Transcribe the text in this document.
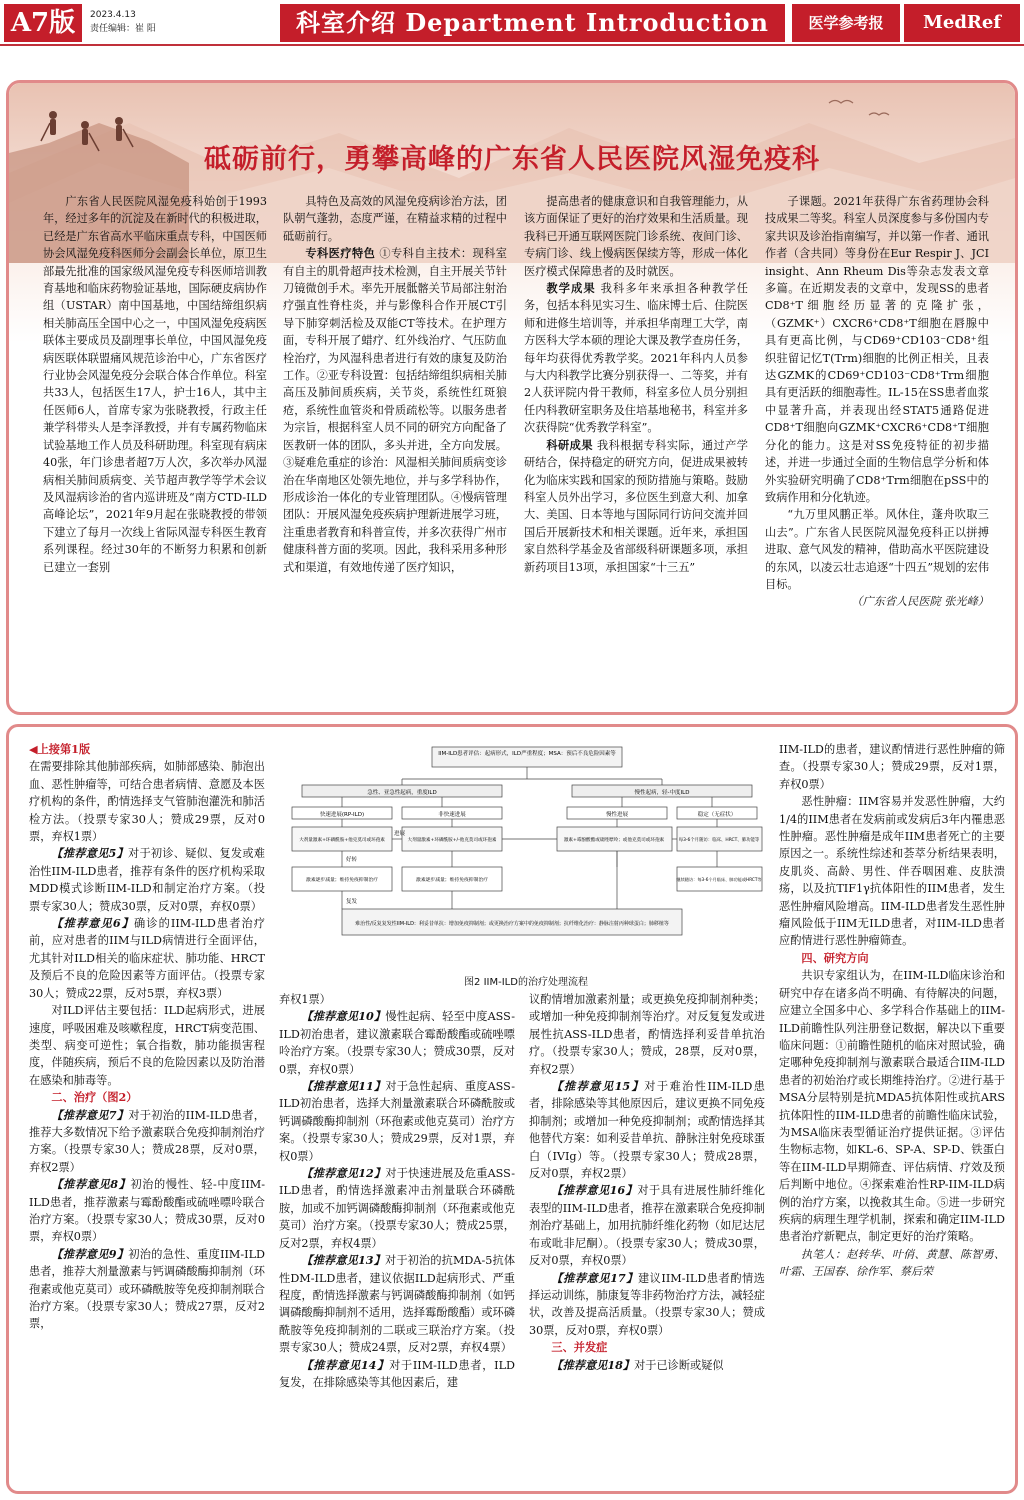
A7版	2023.4.13
责任编辑：崔 阳	科室介绍 Department Introduction	医学参考报	MedRef
砥砺前行，勇攀高峰的广东省人民医院风湿免疫科

广东省人民医院风湿免疫科始创于1993年，经过多年的沉淀及在新时代的积极进取，已经是广东省高水平临床重点专科，中国医师协会风湿免疫科医师分会副会长单位，原卫生部最先批准的国家级风湿免疫专科医师培训教育基地和临床药物验证基地，国际硬皮病协作组（USTAR）南中国基地，中国结缔组织病相关肺高压全国中心之一，中国风湿免疫病医联体主要成员及副理事长单位，中国风湿免疫病医联体联盟痛风规范诊治中心，广东省医疗行业协会风湿免疫分会联合体合作单位。科室共33人，包括医生17人，护士16人，其中主任医师6人，首席专家为张晓教授，行政主任兼学科带头人是李泽教授，并有专属药物临床试验基地工作人员及科研助理。科室现有病床40张，年门诊患者超7万人次，多次举办风湿病相关肺间质病变、关节超声教学等学术会议及风湿病诊治的省内巡讲班及“南方CTD-ILD高峰论坛”，2021年9月起在张晓教授的带领下建立了每月一次线上省际风湿专科医生教育系列课程。经过30年的不断努力积累和创新已建立一套别

具特色及高效的风湿免疫病诊治方法，团队朝气蓬勃，态度严谨，在精益求精的过程中砥砺前行。

专科医疗特色 ①专科自主技术：现科室有自主的肌骨超声技术检测，自主开展关节针刀镜微创手术。率先开展骶髂关节局部注射治疗强直性脊柱炎，并与影像科合作开展CT引导下肺穿刺活检及双能CT等技术。在护理方面，专科开展了蜡疗、红外线治疗、气压防血栓治疗，为风湿科患者进行有效的康复及防治工作。②亚专科设置：包括结缔组织病相关肺高压及肺间质疾病，关节炎，系统性红斑狼疮，系统性血管炎和骨质疏松等。以服务患者为宗旨，根据科室人员不同的研究方向配备了医教研一体的团队，多头并进，全方向发展。③疑难危重症的诊治：风湿相关肺间质病变诊治在华南地区处领先地位，并与多学科协作，形成诊治一体化的专业管理团队。④慢病管理团队：开展风湿免疫疾病护理新进展学习班，注重患者教育和科普宣传，并多次获得广州市健康科普方面的奖项。因此，我科采用多种形式和渠道，有效地传递了医疗知识，

提高患者的健康意识和自我管理能力，从该方面保证了更好的治疗效果和生活质量。现我科已开通互联网医院门诊系统、夜间门诊、专病门诊、线上慢病医保续方等，形成一体化医疗模式保障患者的及时就医。

教学成果 我科多年来承担各种教学任务，包括本科见实习生、临床博士后、住院医师和进修生培训等，并承担华南理工大学，南方医科大学本硕的理论大课及教学查房任务，每年均获得优秀教学奖。2021年科内人员参与大内科教学比赛分别获得一、二等奖，并有2人获评院内骨干教师，科室多位人员分别担任内科教研室职务及住培基地秘书，科室并多次获得院“优秀教学科室”。

科研成果 我科根据专科实际，通过产学研结合，保持稳定的研究方向，促进成果被转化为临床实践和国家的预防措施与策略。鼓励科室人员外出学习，多位医生到意大利、加拿大、美国、日本等地与国际同行访问交流并回国后开展新技术和相关课题。近年来，承担国家自然科学基金及省部级科研课题多项，承担新药项目13项，承担国家“十三五”

子课题。2021年获得广东省药理协会科技成果二等奖。科室人员深度参与多份国内专家共识及诊治指南编写，并以第一作者、通讯作者（含共同）等身份在Eur Respir J、JCI insight、Ann Rheum Dis等杂志发表文章多篇。在近期发表的文章中，发现SS的患者CD8⁺T细胞经历显著的克隆扩张，（GZMK⁺）CXCR6⁺CD8⁺T细胞在唇腺中具有更高比例，与CD69⁺CD103⁻CD8⁺组织驻留记忆T(Trm)细胞的比例正相关，且表达GZMK的CD69⁺CD103⁻CD8⁺Trm细胞具有更活跃的细胞毒性。IL-15在SS患者血浆中显著升高，并表现出经STAT5通路促进CD8⁺T细胞向GZMK⁺CXCR6⁺CD8⁺T细胞分化的能力。这是对SS免疫特征的初步描述，并进一步通过全面的生物信息学分析和体外实验研究明确了CD8⁺Trm细胞在pSS中的致病作用和分化轨迹。

“九万里风鹏正举。风休住，蓬舟吹取三山去”。广东省人民医院风湿免疫科正以拼搏进取、意气风发的精神，借助高水平医院建设的东风，以凌云壮志追逐“十四五”规划的宏伟目标。

（广东省人民医院 张光峰）

◀上接第1版

在需要排除其他肺部疾病，如肺部感染、肺泡出血、恶性肿瘤等，可结合患者病情、意愿及本医疗机构的条件，酌情选择支气管肺泡灌洗和肺活检方法。（投票专家30人；赞成29票，反对0票，弃权1票）

【推荐意见5】对于初诊、疑似、复发或难治性IIM-ILD患者，推荐有条件的医疗机构采取MDD模式诊断IIM-ILD和制定治疗方案。（投票专家30人；赞成30票，反对0票，弃权0票）

【推荐意见6】确诊的IIM-ILD患者治疗前，应对患者的IIM与ILD病情进行全面评估，尤其针对ILD相关的临床症状、肺功能、HRCT及预后不良的危险因素等方面评估。（投票专家30人；赞成22票，反对5票，弃权3票）

对ILD评估主要包括：ILD起病形式，进展速度，呼吸困难及咳嗽程度，HRCT病变范围、类型、病变可逆性；氧合指数，肺功能损害程度，伴随疾病，预后不良的危险因素以及防治潜在感染和肺毒等。

二、治疗（图2）

【推荐意见7】对于初治的IIM-ILD患者，推荐大多数情况下给予激素联合免疫抑制剂治疗方案。（投票专家30人；赞成28票，反对0票，弃权2票）

【推荐意见8】初治的慢性、轻-中度IIM-ILD患者，推荐激素与霉酚酸酯或硫唑嘌呤联合治疗方案。（投票专家30人；赞成30票，反对0票，弃权0票）

【推荐意见9】初治的急性、重度IIM-ILD患者，推荐大剂量激素与钙调磷酸酶抑制剂（环孢素或他克莫司）或环磷酰胺等免疫抑制剂联合治疗方案。（投票专家30人；赞成27票，反对2票，

IIM-ILD患者评估：起病形式，ILD严重程度；MSA：预后不良危险因素等
急性、亚急性起病，重度ILD	慢性起病，轻-中度ILD
快速进展(RP-ILD)	非快速进展	慢性进展	稳定（无症状）
大剂量激素+环磷酰胺+他克莫司或环孢素	大剂量激素+环磷酰胺+/-他克莫司或环孢素	激素+霉酚酸酯或硫唑嘌呤；或他克莫司或环孢素	每3-6个月随访：临床、HRCT、肺功能等
激素逐步减量；维持免疫抑制治疗	激素逐步减量；维持免疫抑制治疗	继续随访：每3-6个月临床、肺功能或HRCT等
好转
进展
复发
难治性/反复复发性IIM-ILD：利妥昔单抗：增加免疫抑制剂；或更换治疗方案中的免疫抑制剂；抗纤维化治疗：静脉注射丙种球蛋白；肺移植等
图2 IIM-ILD的治疗处理流程

弃权1票）

【推荐意见10】慢性起病、轻至中度ASS-ILD初治患者，建议激素联合霉酚酸酯或硫唑嘌呤治疗方案。（投票专家30人；赞成30票，反对0票，弃权0票）

【推荐意见11】对于急性起病、重度ASS-ILD初治患者，选择大剂量激素联合环磷酰胺或钙调磷酸酶抑制剂（环孢素或他克莫司）治疗方案。（投票专家30人；赞成29票，反对1票，弃权0票）

【推荐意见12】对于快速进展及危重ASS-ILD患者，酌情选择激素冲击剂量联合环磷酰胺，加或不加钙调磷酸酶抑制剂（环孢素或他克莫司）治疗方案。（投票专家30人；赞成25票，反对2票，弃权4票）

【推荐意见13】对于初治的抗MDA-5抗体性DM-ILD患者，建议依据ILD起病形式、严重程度，酌情选择激素与钙调磷酸酶抑制剂（如钙调磷酸酶抑制剂不适用，选择霉酚酸酯）或环磷酰胺等免疫抑制剂的二联或三联治疗方案。（投票专家30人；赞成24票，反对2票，弃权4票）

【推荐意见14】对于IIM-ILD患者，ILD复发，在排除感染等其他因素后，建

议酌情增加激素剂量；或更换免疫抑制剂种类；或增加一种免疫抑制剂等治疗。对反复复发或进展性抗ASS-ILD患者，酌情选择利妥昔单抗治疗。（投票专家30人；赞成，28票，反对0票，弃权2票）

【推荐意见15】对于难治性IIM-ILD患者，排除感染等其他原因后，建议更换不同免疫抑制剂；或增加一种免疫抑制剂；或酌情选择其他替代方案：如利妥昔单抗、静脉注射免疫球蛋白（IVIg）等。（投票专家30人；赞成28票，反对0票，弃权2票）

【推荐意见16】对于具有进展性肺纤维化表型的IIM-ILD患者，推荐在激素联合免疫抑制剂治疗基础上，加用抗肺纤维化药物（如尼达尼布或吡非尼酮）。（投票专家30人；赞成30票，反对0票，弃权0票）

【推荐意见17】建议IIM-ILD患者酌情选择运动训练，肺康复等非药物治疗方法，减轻症状，改善及提高活质量。（投票专家30人；赞成30票，反对0票，弃权0票）

三、并发症

【推荐意见18】对于已诊断或疑似

IIM-ILD的患者，建议酌情进行恶性肿瘤的筛查。（投票专家30人；赞成29票，反对1票，弃权0票）

恶性肿瘤：IIM容易并发恶性肿瘤，大约1/4的IIM患者在发病前或发病后3年内罹患恶性肿瘤。恶性肿瘤是成年IIM患者死亡的主要原因之一。系统性综述和荟萃分析结果表明，皮肌炎、高龄、男性、伴吞咽困难、皮肤溃疡，以及抗TIF1γ抗体阳性的IIM患者，发生恶性肿瘤风险增高。IIM-ILD患者发生恶性肿瘤风险低于IIM无ILD患者，对IIM-ILD患者应酌情进行恶性肿瘤筛查。

四、研究方向

共识专家组认为，在IIM-ILD临床诊治和研究中存在诸多尚不明确、有待解决的问题，应建立全国多中心、多学科合作基础上的IIM-ILD前瞻性队列注册登记数据，解决以下重要临床问题：①前瞻性随机的临床对照试验，确定哪种免疫抑制剂与激素联合最适合IIM-ILD患者的初始治疗或长期维持治疗。②进行基于MSA分层特别是抗MDA5抗体阳性或抗ARS抗体阳性的IIM-ILD患者的前瞻性临床试验，为MSA临床表型循证治疗提供证据。③评估生物标志物，如KL-6、SP-A、SP-D、铁蛋白等在IIM-ILD早期筛查、评估病情、疗效及预后判断中地位。④探索难治性RP-IIM-ILD病例的治疗方案，以挽救其生命。⑤进一步研究疾病的病理生理学机制，探索和确定IIM-ILD患者治疗新靶点，制定更好的治疗策略。

执笔人：赵转华、叶俏、黄慧、陈智勇、叶霜、王国春、徐作军、蔡后荣
